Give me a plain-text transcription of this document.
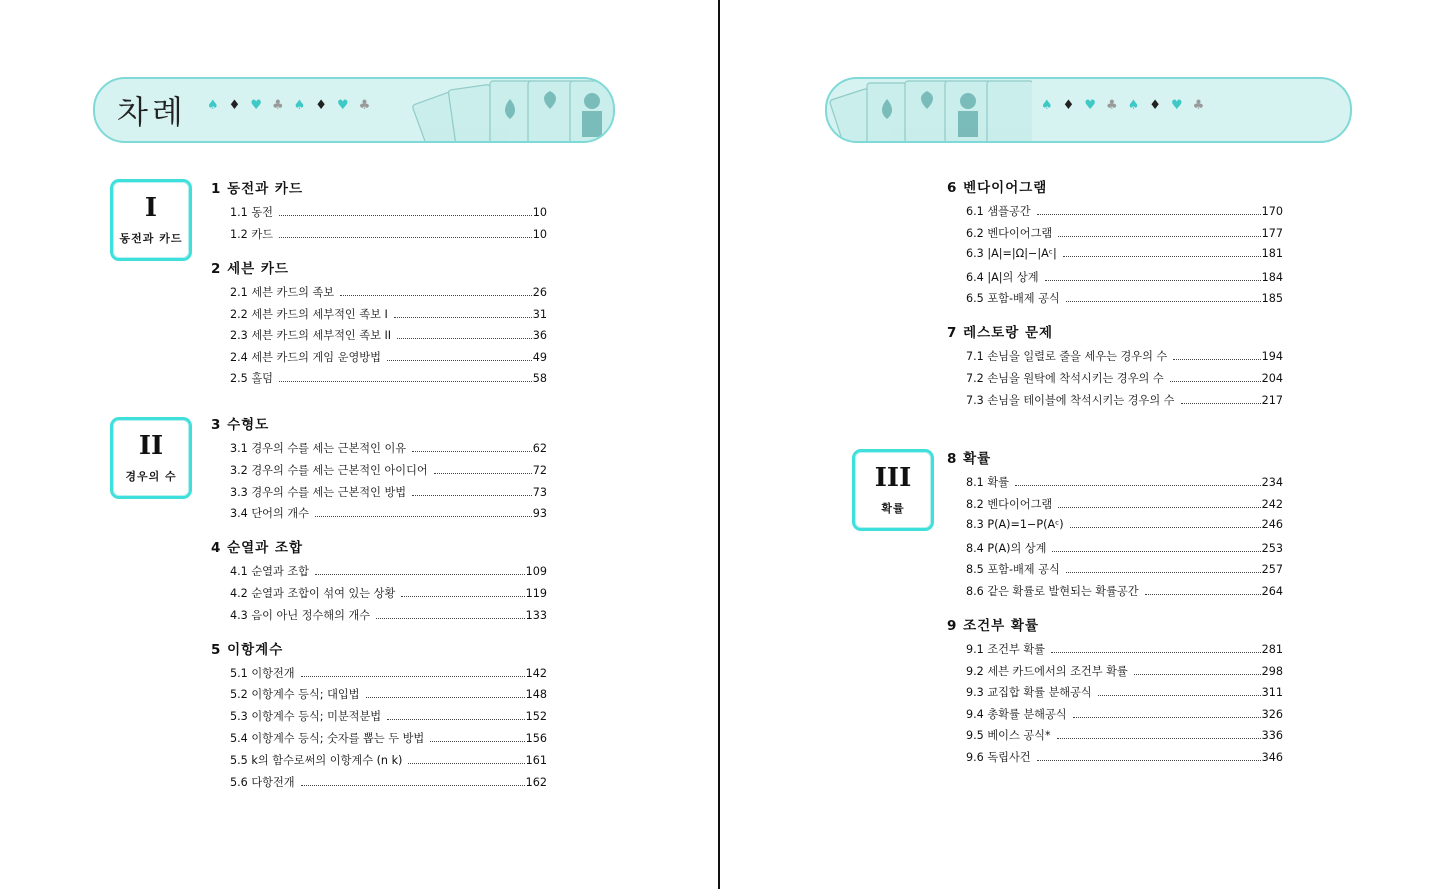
차례 ♠♦♥♣♠♦♥♣	♠♦♥♣♠♦♥♣
I
동전과 카드
II
경우의 수	III
확률
1 동전과 카드
1.1 동전	10
1.2 카드	10
2 세븐 카드
2.1 세븐 카드의 족보	26
2.2 세븐 카드의 세부적인 족보 I	31
2.3 세븐 카드의 세부적인 족보 II	36
2.4 세븐 카드의 게임 운영방법	49
2.5 홀덤	58
3 수형도
3.1 경우의 수를 세는 근본적인 이유	62
3.2 경우의 수를 세는 근본적인 아이디어	72
3.3 경우의 수를 세는 근본적인 방법	73
3.4 단어의 개수	93
4 순열과 조합
4.1 순열과 조합	109
4.2 순열과 조합이 섞여 있는 상황	119
4.3 음이 아닌 정수해의 개수	133
5 이항계수
5.1 이항전개	142
5.2 이항계수 등식; 대입법	148
5.3 이항계수 등식; 미분적분법	152
5.4 이항계수 등식; 숫자를 뽑는 두 방법	156
5.5 k의 함수로써의 이항계수 (n k)	161
5.6 다항전개	162
6 벤다이어그램
6.1 샘플공간	170
6.2 벤다이어그램	177
6.3 |A|=|Ω|−|Aᶜ|	181
6.4 |A|의 상계	184
6.5 포함-배제 공식	185
7 레스토랑 문제
7.1 손님을 일렬로 줄을 세우는 경우의 수	194
7.2 손님을 원탁에 착석시키는 경우의 수	204
7.3 손님을 테이블에 착석시키는 경우의 수	217
8 확률
8.1 확률	234
8.2 벤다이어그램	242
8.3 P(A)=1−P(Aᶜ)	246
8.4 P(A)의 상계	253
8.5 포함-배제 공식	257
8.6 같은 확률로 발현되는 확률공간	264
9 조건부 확률
9.1 조건부 확률	281
9.2 세븐 카드에서의 조건부 확률	298
9.3 교집합 확률 분해공식	311
9.4 총확률 분해공식	326
9.5 베이스 공식*	336
9.6 독립사건	346
